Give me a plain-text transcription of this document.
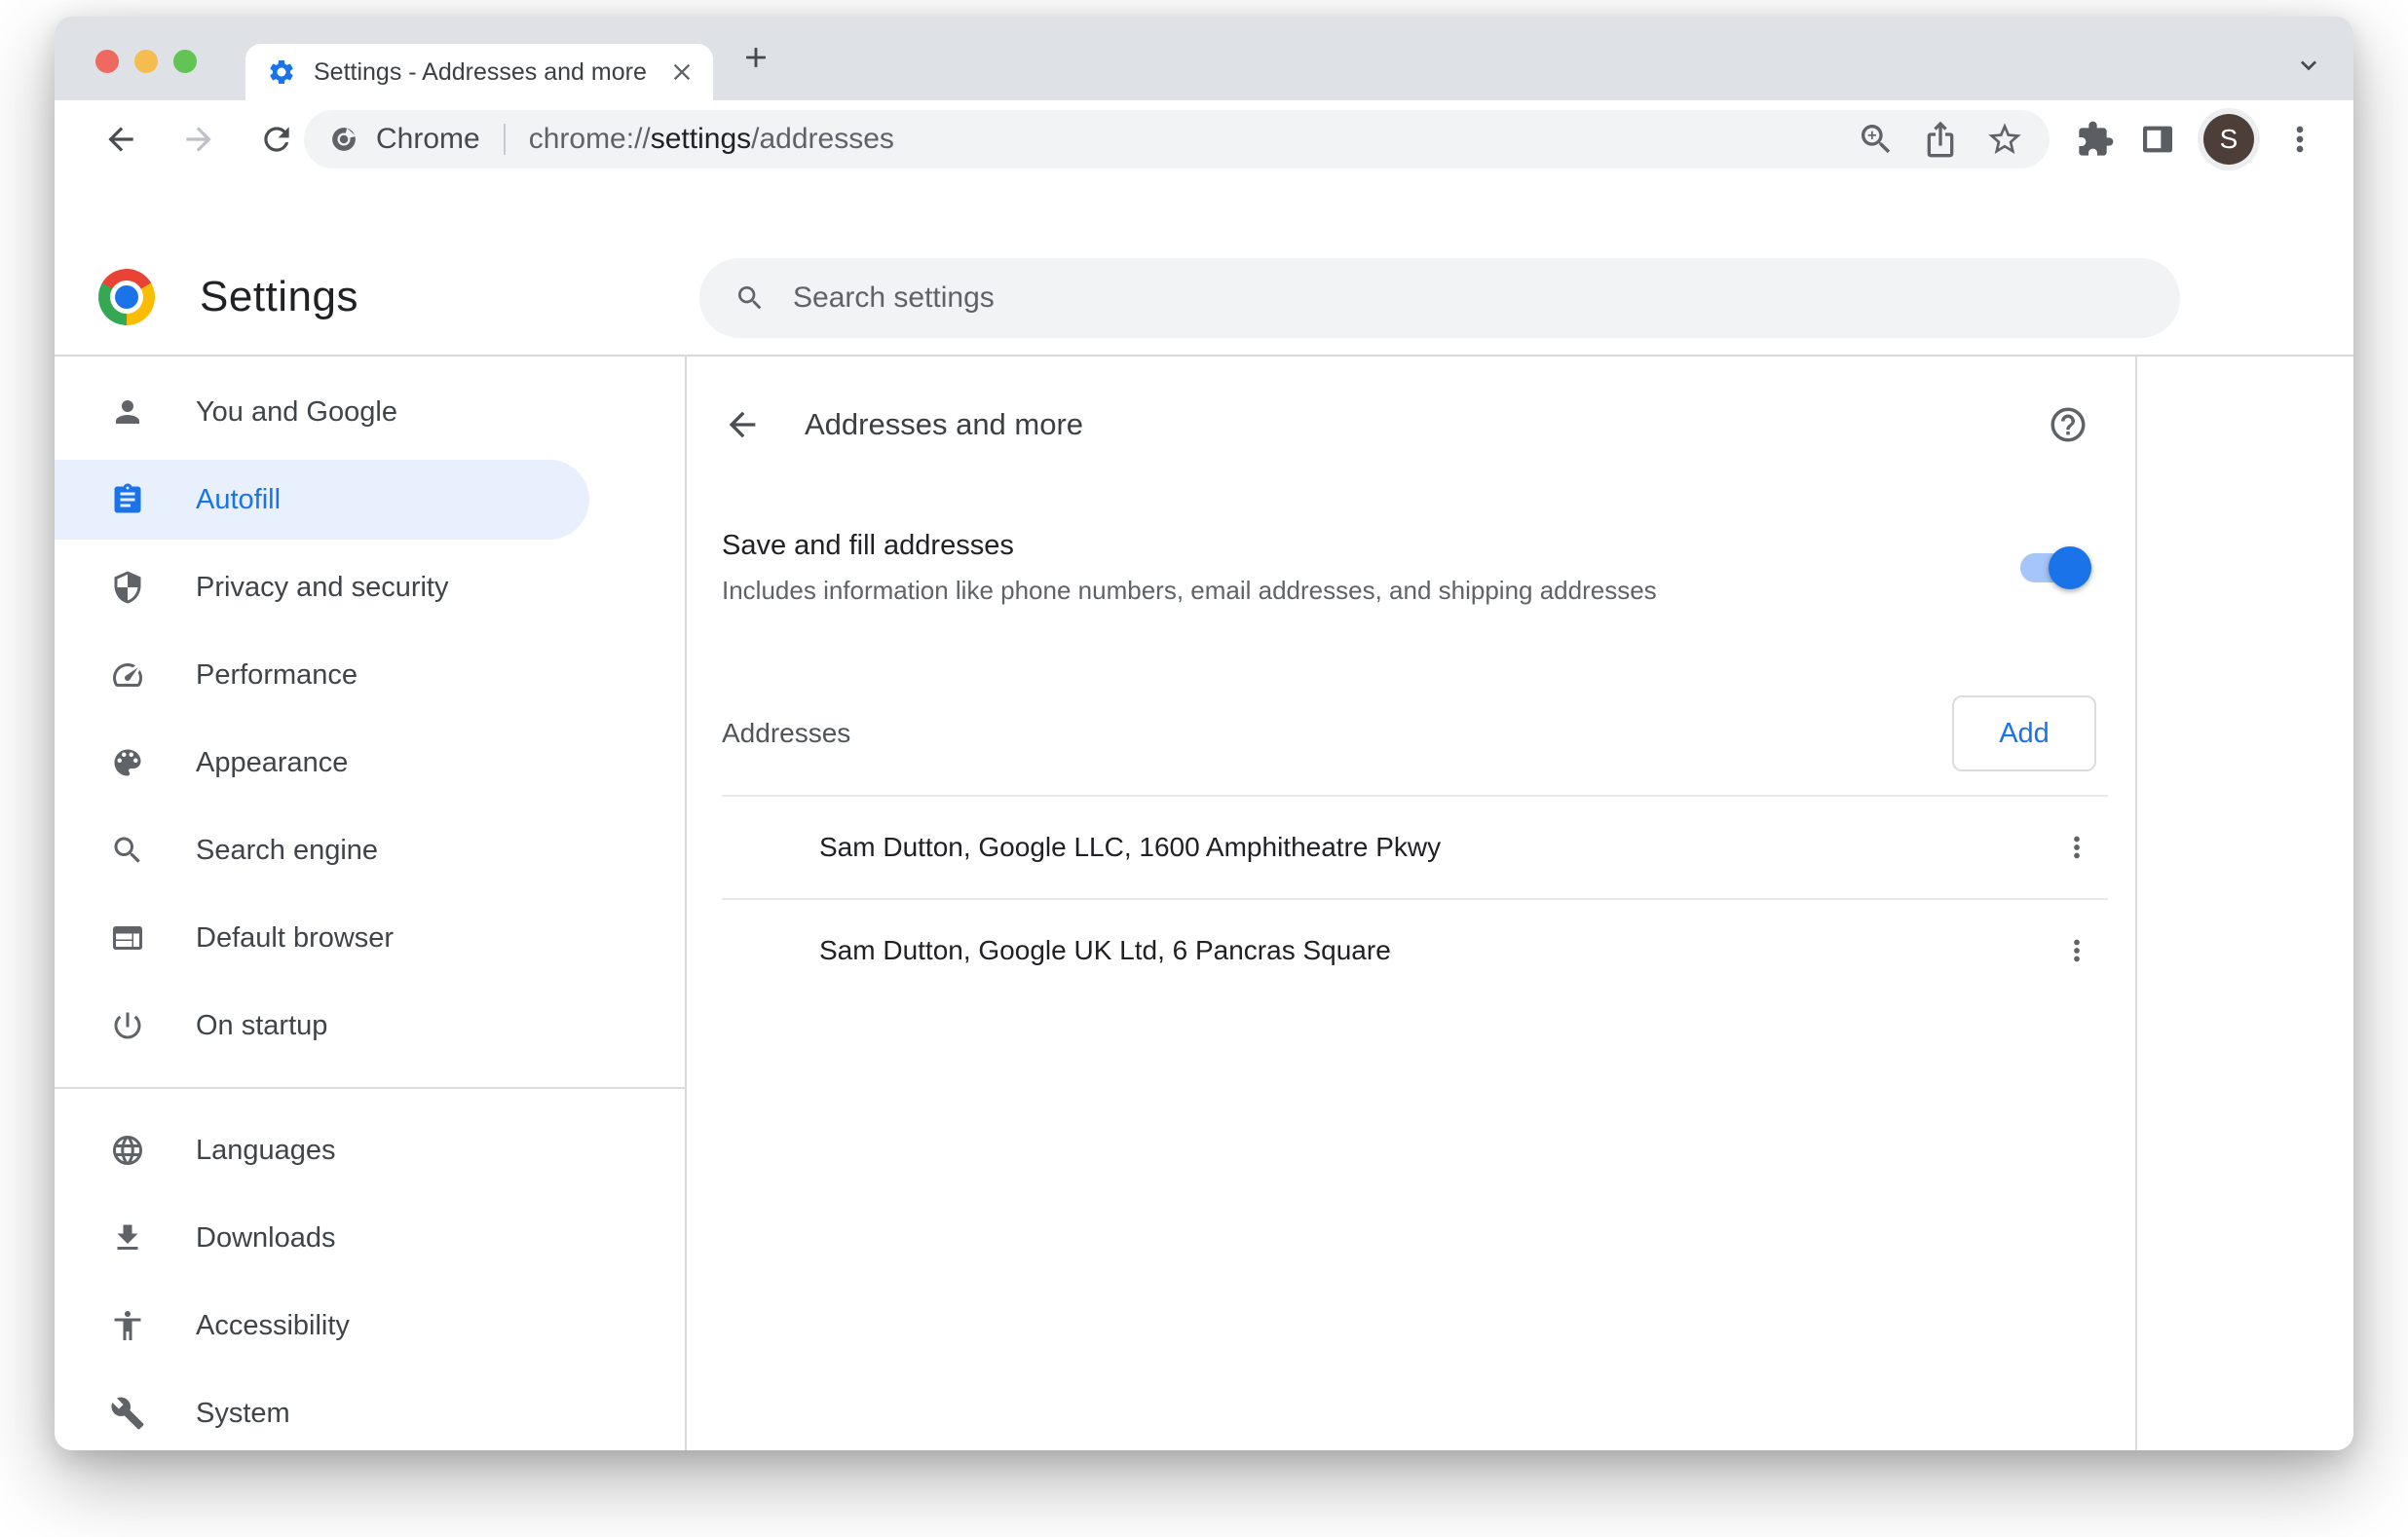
Settings - Addresses and more
Chrome chrome://settings/addresses	S
Settings
Search settings
You and Google
Autofill
Privacy and security
Performance
Appearance
Search engine
Default browser
On startup
Languages
Downloads
Accessibility
System
Addresses and more
Save and fill addresses
Includes information like phone numbers, email addresses, and shipping addresses
Addresses	Add
Sam Dutton, Google LLC, 1600 Amphitheatre Pkwy
Sam Dutton, Google UK Ltd, 6 Pancras Square
